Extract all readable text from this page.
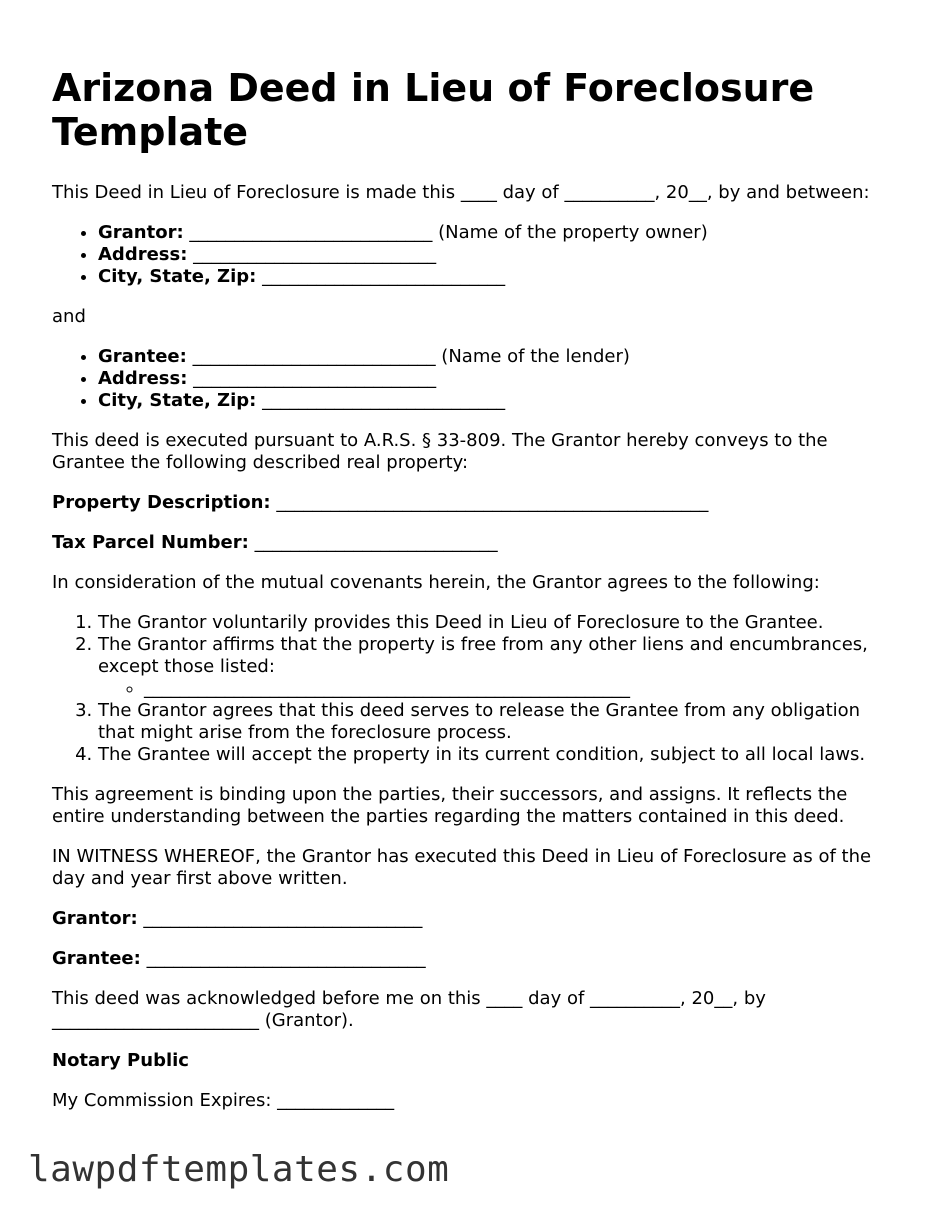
Arizona Deed in Lieu of Foreclosure Template

This Deed in Lieu of Foreclosure is made this ____ day of __________, 20__, by and between:

• Grantor: ___________________________ (Name of the property owner)
• Address: ___________________________
• City, State, Zip: ___________________________

and

• Grantee: ___________________________ (Name of the lender)
• Address: ___________________________
• City, State, Zip: ___________________________

This deed is executed pursuant to A.R.S. § 33-809. The Grantor hereby conveys to the Grantee the following described real property:

Property Description: ________________________________________________

Tax Parcel Number: ___________________________

In consideration of the mutual covenants herein, the Grantor agrees to the following:

1. The Grantor voluntarily provides this Deed in Lieu of Foreclosure to the Grantee.
2. The Grantor affirms that the property is free from any other liens and encumbrances, except those listed:
◦ ______________________________________________________
3. The Grantor agrees that this deed serves to release the Grantee from any obligation that might arise from the foreclosure process.
4. The Grantee will accept the property in its current condition, subject to all local laws.

This agreement is binding upon the parties, their successors, and assigns. It reflects the entire understanding between the parties regarding the matters contained in this deed.

IN WITNESS WHEREOF, the Grantor has executed this Deed in Lieu of Foreclosure as of the day and year first above written.

Grantor: _______________________________

Grantee: _______________________________

This deed was acknowledged before me on this ____ day of __________, 20__, by _______________________ (Grantor).

Notary Public

My Commission Expires: _____________

lawpdftemplates.com
